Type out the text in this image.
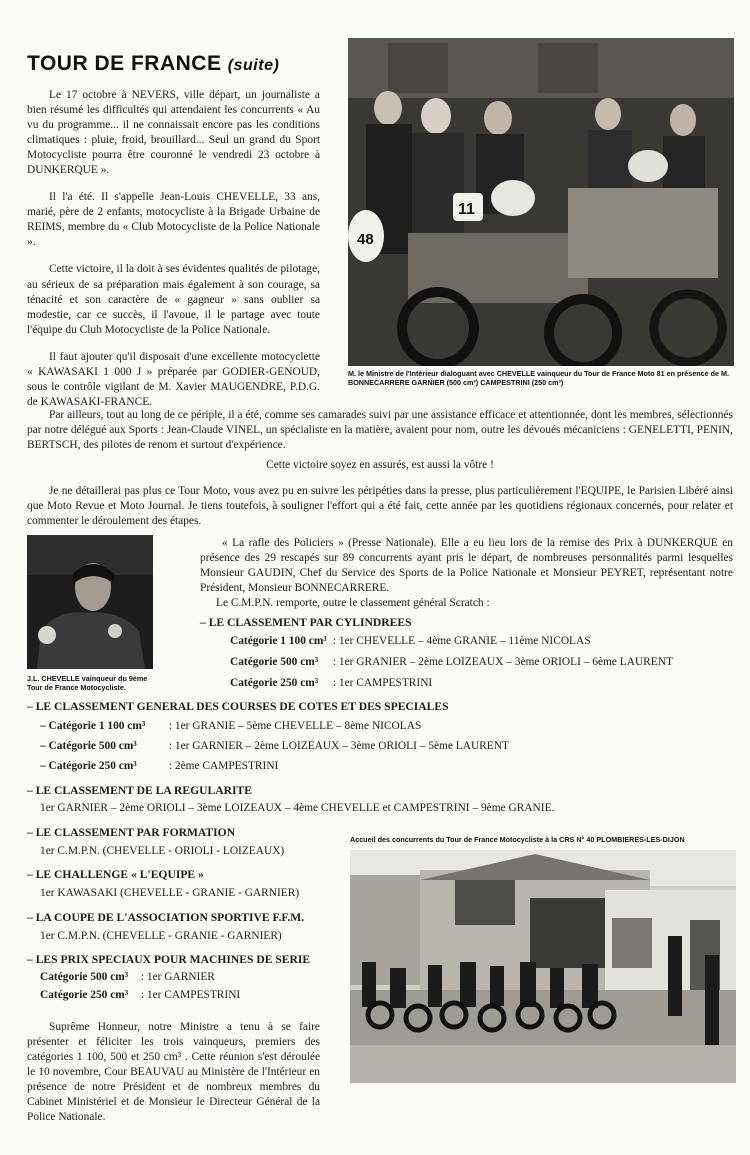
TOUR DE FRANCE (suite)

Le 17 octobre à NEVERS, ville départ, un journaliste a bien résumé les difficultés qui attendaient les concurrents « Au vu du programme... il ne connaissait encore pas les conditions climatiques : pluie, froid, brouillard... Seul un grand du Sport Motocycliste pourra être couronné le vendredi 23 octobre à DUNKERQUE ».

Il l'a été. Il s'appelle Jean-Louis CHEVELLE, 33 ans, marié, père de 2 enfants, motocycliste à la Brigade Urbaine de REIMS, membre du « Club Motocycliste de la Police Nationale ».

Cette victoire, il la doit à ses évidentes qualités de pilotage, au sérieux de sa préparation mais également à son courage, sa ténacité et son caractère de « gagneur » sans oublier sa modestie, car ce succès, il l'avoue, il le partage avec toute l'équipe du Club Motocycliste de la Police Nationale.

Il faut ajouter qu'il disposait d'une excellente motocyclette « KAWASAKI 1 000 J » préparée par GODIER-GENOUD, sous le contrôle vigilant de M. Xavier MAUGENDRE, P.D.G. de KAWASAKI-FRANCE.

48
11
M. le Ministre de l'Intérieur dialoguant avec CHEVELLE vainqueur du Tour de France Moto 81 en présence de M. BONNECARRERE GARNIER (500 cm³) CAMPESTRINI (250 cm³)

Par ailleurs, tout au long de ce périple, il a été, comme ses camarades suivi par une assistance efficace et attentionnée, dont les membres, sélectionnés par notre délégué aux Sports : Jean-Claude VINEL, un spécialiste en la matière, avaient pour nom, outre les dévoués mécaniciens : GENELETTI, PENIN, BERTSCH, des pilotes de renom et surtout d'expérience.

Cette victoire soyez en assurés, est aussi la vôtre !

Je ne détaillerai pas plus ce Tour Moto, vous avez pu en suivre les péripéties dans la presse, plus particulièrement l'EQUIPE, le Parisien Libéré ainsi que Moto Revue et Moto Journal. Je tiens toutefois, à souligner l'effort qui a été fait, cette année par les quotidiens régionaux concernés, pour relater et commenter le déroulement des étapes.

J.L. CHEVELLE vainqueur du 9ème Tour de France Motocycliste.

« La rafle des Policiers » (Presse Nationale). Elle a eu lieu lors de la remise des Prix à DUNKERQUE en présence des 29 rescapés sur 89 concurrents ayant pris le départ, de nombreuses personnalités parmi lesquelles Monsieur GAUDIN, Chef du Service des Sports de la Police Nationale et Monsieur PEYRET, représentant notre Président, Monsieur BONNECARRERE.

Le C.M.P.N. remporte, outre le classement général Scratch :
– LE CLASSEMENT PAR CYLINDREES
Catégorie 1 100 cm³ : 1er CHEVELLE – 4ème GRANIE – 11ème NICOLAS
Catégorie 500 cm³ : 1er GRANIER – 2ème LOIZEAUX – 3ème ORIOLI – 6ème LAURENT
Catégorie 250 cm³ : 1er CAMPESTRINI
– LE CLASSEMENT GENERAL DES COURSES DE COTES ET DES SPECIALES
– Catégorie 1 100 cm³ : 1er GRANIE – 5ème CHEVELLE – 8ème NICOLAS
– Catégorie 500 cm³	: 1er GARNIER – 2ème LOIZEAUX – 3ème ORIOLI – 5ème LAURENT
– Catégorie 250 cm³	: 2ème CAMPESTRINI
– LE CLASSEMENT DE LA REGULARITE
1er GARNIER – 2ème ORIOLI – 3ème LOIZEAUX – 4ème CHEVELLE et CAMPESTRINI – 9ème GRANIE.
– LE CLASSEMENT PAR FORMATION
1er C.M.P.N. (CHEVELLE - ORIOLI - LOIZEAUX)
– LE CHALLENGE « L'EQUIPE »
1er KAWASAKI (CHEVELLE - GRANIE - GARNIER)
– LA COUPE DE L'ASSOCIATION SPORTIVE F.F.M.
1er C.M.P.N. (CHEVELLE - GRANIE - GARNIER)
– LES PRIX SPECIAUX POUR MACHINES DE SERIE
Catégorie 500 cm³ : 1er GARNIER
Catégorie 250 cm³ : 1er CAMPESTRINI

Suprême Honneur, notre Ministre a tenu à se faire présenter et féliciter les trois vainqueurs, premiers des catégories 1 100, 500 et 250 cm³ . Cette réunion s'est déroulée le 10 novembre, Cour BEAUVAU au Ministère de l'Intérieur en présence de notre Président et de nombreux membres du Cabinet Ministériel et de Monsieur le Directeur Général de la Police Nationale.

Accueil des concurrents du Tour de France Motocycliste à la CRS N° 40 PLOMBIERES-LES-DIJON
